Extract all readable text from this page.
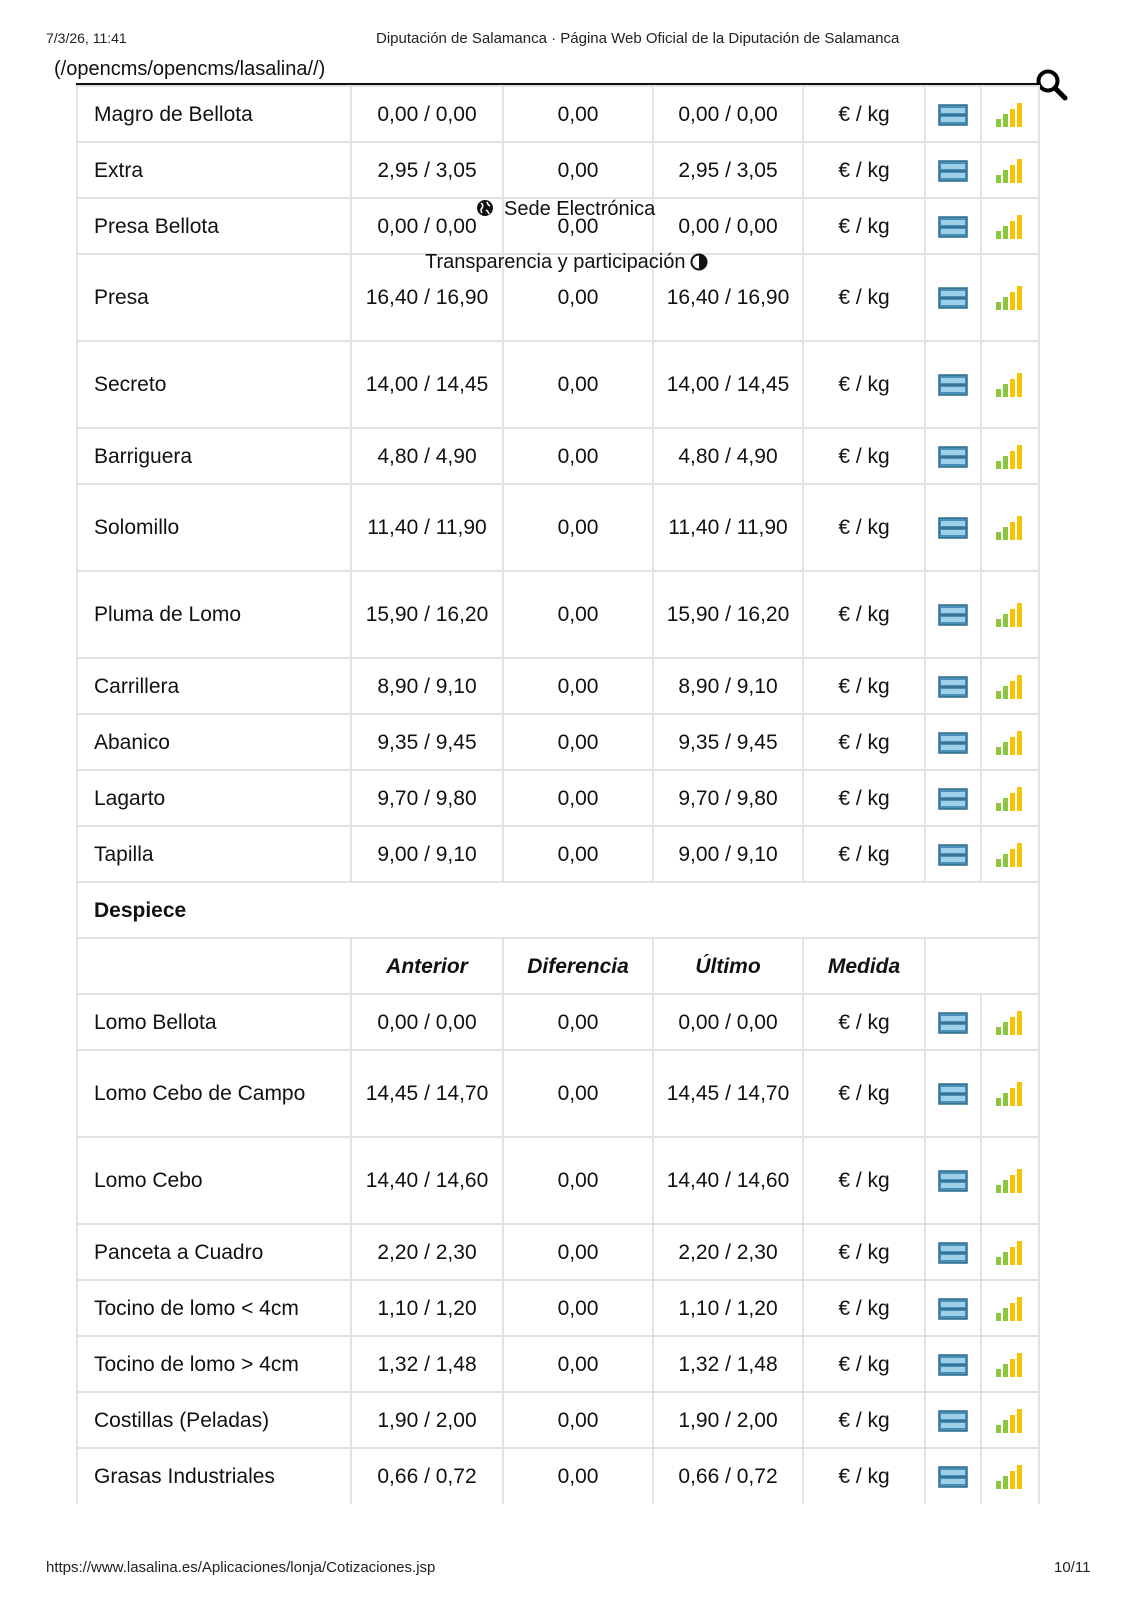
7/3/26, 11:41	Diputación de Salamanca · Página Web Oficial de la Diputación de Salamanca
(/opencms/opencms/lasalina//)
Magro de Bellota	0,00 / 0,00	0,00	0,00 / 0,00	€ / kg			
Extra	2,95 / 3,05	0,00	2,95 / 3,05	€ / kg			
Presa Bellota	0,00 / 0,00	0,00	0,00 / 0,00	€ / kg			
Presa	16,40 / 16,90	0,00	16,40 / 16,90	€ / kg			
Secreto	14,00 / 14,45	0,00	14,00 / 14,45	€ / kg			
Barriguera	4,80 / 4,90	0,00	4,80 / 4,90	€ / kg			
Solomillo	11,40 / 11,90	0,00	11,40 / 11,90	€ / kg			
Pluma de Lomo	15,90 / 16,20	0,00	15,90 / 16,20	€ / kg			
Carrillera	8,90 / 9,10	0,00	8,90 / 9,10	€ / kg			
Abanico	9,35 / 9,45	0,00	9,35 / 9,45	€ / kg			
Lagarto	9,70 / 9,80	0,00	9,70 / 9,80	€ / kg			
Tapilla	9,00 / 9,10	0,00	9,00 / 9,10	€ / kg			
Despiece							
	Anterior	Diferencia	Último	Medida			
Lomo Bellota	0,00 / 0,00	0,00	0,00 / 0,00	€ / kg			
Lomo Cebo de Campo	14,45 / 14,70	0,00	14,45 / 14,70	€ / kg			
Lomo Cebo	14,40 / 14,60	0,00	14,40 / 14,60	€ / kg			
Panceta a Cuadro	2,20 / 2,30	0,00	2,20 / 2,30	€ / kg			
Tocino de lomo < 4cm	1,10 / 1,20	0,00	1,10 / 1,20	€ / kg			
Tocino de lomo > 4cm	1,32 / 1,48	0,00	1,32 / 1,48	€ / kg			
Costillas (Peladas)	1,90 / 2,00	0,00	1,90 / 2,00	€ / kg			
Grasas Industriales	0,66 / 0,72	0,00	0,66 / 0,72	€ / kg			
Sede Electrónica
Transparencia y participación
https://www.lasalina.es/Aplicaciones/lonja/Cotizaciones.jsp	10/11
